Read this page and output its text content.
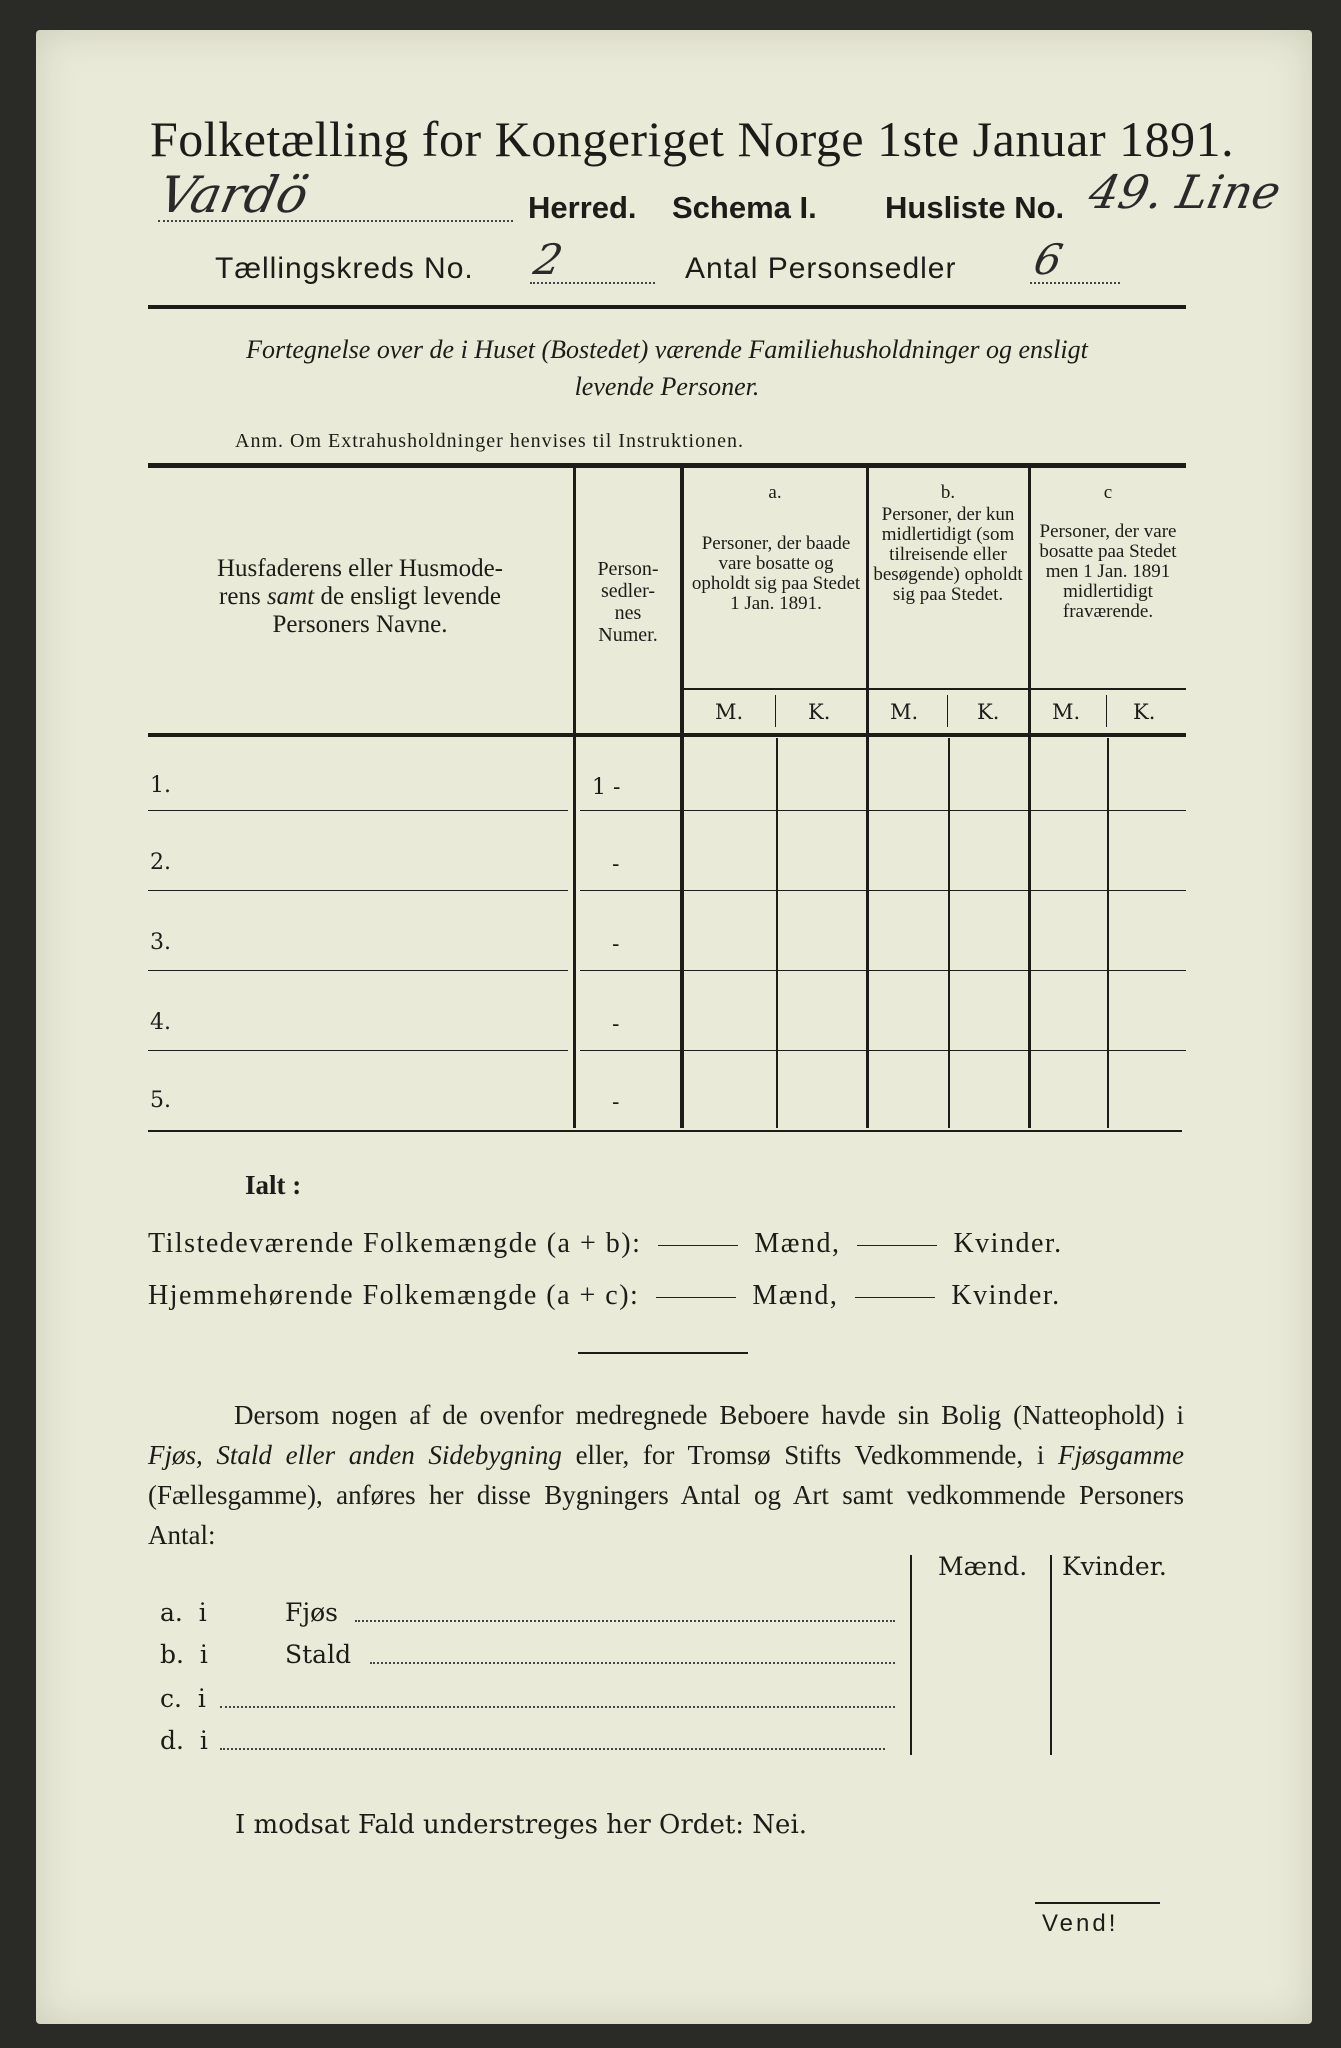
Folketælling for Kongeriget Norge 1ste Januar 1891.
Vardö	Herred. Schema I. Husliste No. 49. Line
Tællingskreds No. 2	Antal Personsedler 6
Fortegnelse over de i Huset (Bostedet) værende Familiehusholdninger og ensligt
levende Personer.
Anm. Om Extrahusholdninger henvises til Instruktionen.
Husfaderens eller Husmode-
rens samt de ensligt levende
Personers Navne.
Person-
sedler-
nes
Numer.
a.
Personer, der baade vare bosatte og opholdt sig paa Stedet 1 Jan. 1891.
b.
Personer, der kun midlertidigt (som tilreisende eller besøgende) opholdt sig paa Stedet.
c
Personer, der vare bosatte paa Stedet men 1 Jan. 1891 midlertidigt fraværende.
M.	K.	M.	K.	M.	K.
1.	1 -
2.	-
3.	-
4.	-
5.	-
Ialt :
Tilstedeværende Folkemængde (a + b):	Mænd,	Kvinder.
Hjemmehørende Folkemængde (a + c):	Mænd,	Kvinder.
Dersom nogen af de ovenfor medregnede Beboere havde sin Bolig (Natteophold) i Fjøs, Stald eller anden Sidebygning eller, for Tromsø Stifts Vedkommende, i Fjøsgamme (Fællesgamme), anføres her disse Bygningers Antal og Art samt vedkommende Personers Antal:
Mænd. Kvinder.
a. i	Fjøs
b. i	Stald
c. i
d. i
I modsat Fald understreges her Ordet: Nei.
Vend!
